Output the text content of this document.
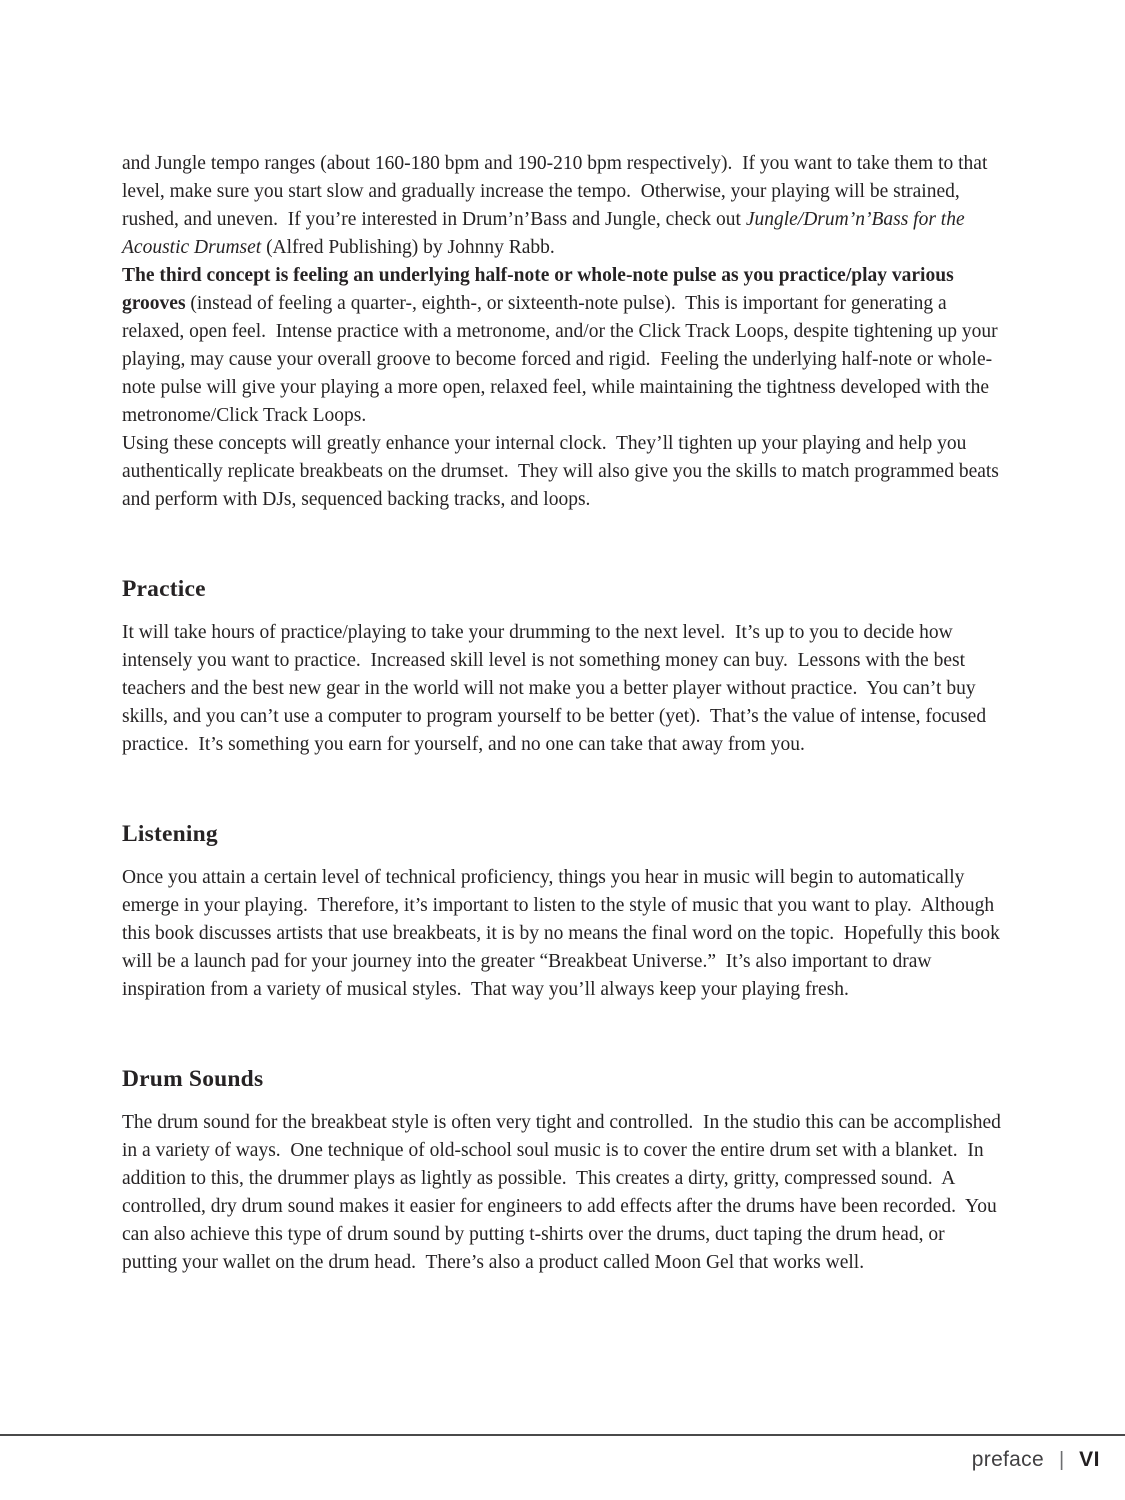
and Jungle tempo ranges (about 160-180 bpm and 190-210 bpm respectively).  If you want to take them to that level, make sure you start slow and gradually increase the tempo.  Otherwise, your playing will be strained, rushed, and uneven.  If you’re interested in Drum’n’Bass and Jungle, check out Jungle/Drum’n’Bass for the Acoustic Drumset (Alfred Publishing) by Johnny Rabb.

The third concept is feeling an underlying half-note or whole-note pulse as you practice/play various grooves (instead of feeling a quarter-, eighth-, or sixteenth-note pulse).  This is important for generating a relaxed, open feel.  Intense practice with a metronome, and/or the Click Track Loops, despite tightening up your playing, may cause your overall groove to become forced and rigid.  Feeling the underlying half-note or whole-note pulse will give your playing a more open, relaxed feel, while maintaining the tightness developed with the metronome/Click Track Loops.

Using these concepts will greatly enhance your internal clock.  They’ll tighten up your playing and help you authentically replicate breakbeats on the drumset.  They will also give you the skills to match programmed beats and perform with DJs, sequenced backing tracks, and loops.

Practice

It will take hours of practice/playing to take your drumming to the next level.  It’s up to you to decide how intensely you want to practice.  Increased skill level is not something money can buy.  Lessons with the best teachers and the best new gear in the world will not make you a better player without practice.  You can’t buy skills, and you can’t use a computer to program yourself to be better (yet).  That’s the value of intense, focused practice.  It’s something you earn for yourself, and no one can take that away from you.

Listening

Once you attain a certain level of technical proficiency, things you hear in music will begin to automatically emerge in your playing.  Therefore, it’s important to listen to the style of music that you want to play.  Although this book discusses artists that use breakbeats, it is by no means the final word on the topic.  Hopefully this book will be a launch pad for your journey into the greater “Breakbeat Universe.”  It’s also important to draw inspiration from a variety of musical styles.  That way you’ll always keep your playing fresh.

Drum Sounds

The drum sound for the breakbeat style is often very tight and controlled.  In the studio this can be accomplished in a variety of ways.  One technique of old-school soul music is to cover the entire drum set with a blanket.  In addition to this, the drummer plays as lightly as possible.  This creates a dirty, gritty, compressed sound.  A controlled, dry drum sound makes it easier for engineers to add effects after the drums have been recorded.  You can also achieve this type of drum sound by putting t-shirts over the drums, duct taping the drum head, or putting your wallet on the drum head.  There’s also a product called Moon Gel that works well.

preface | VI
